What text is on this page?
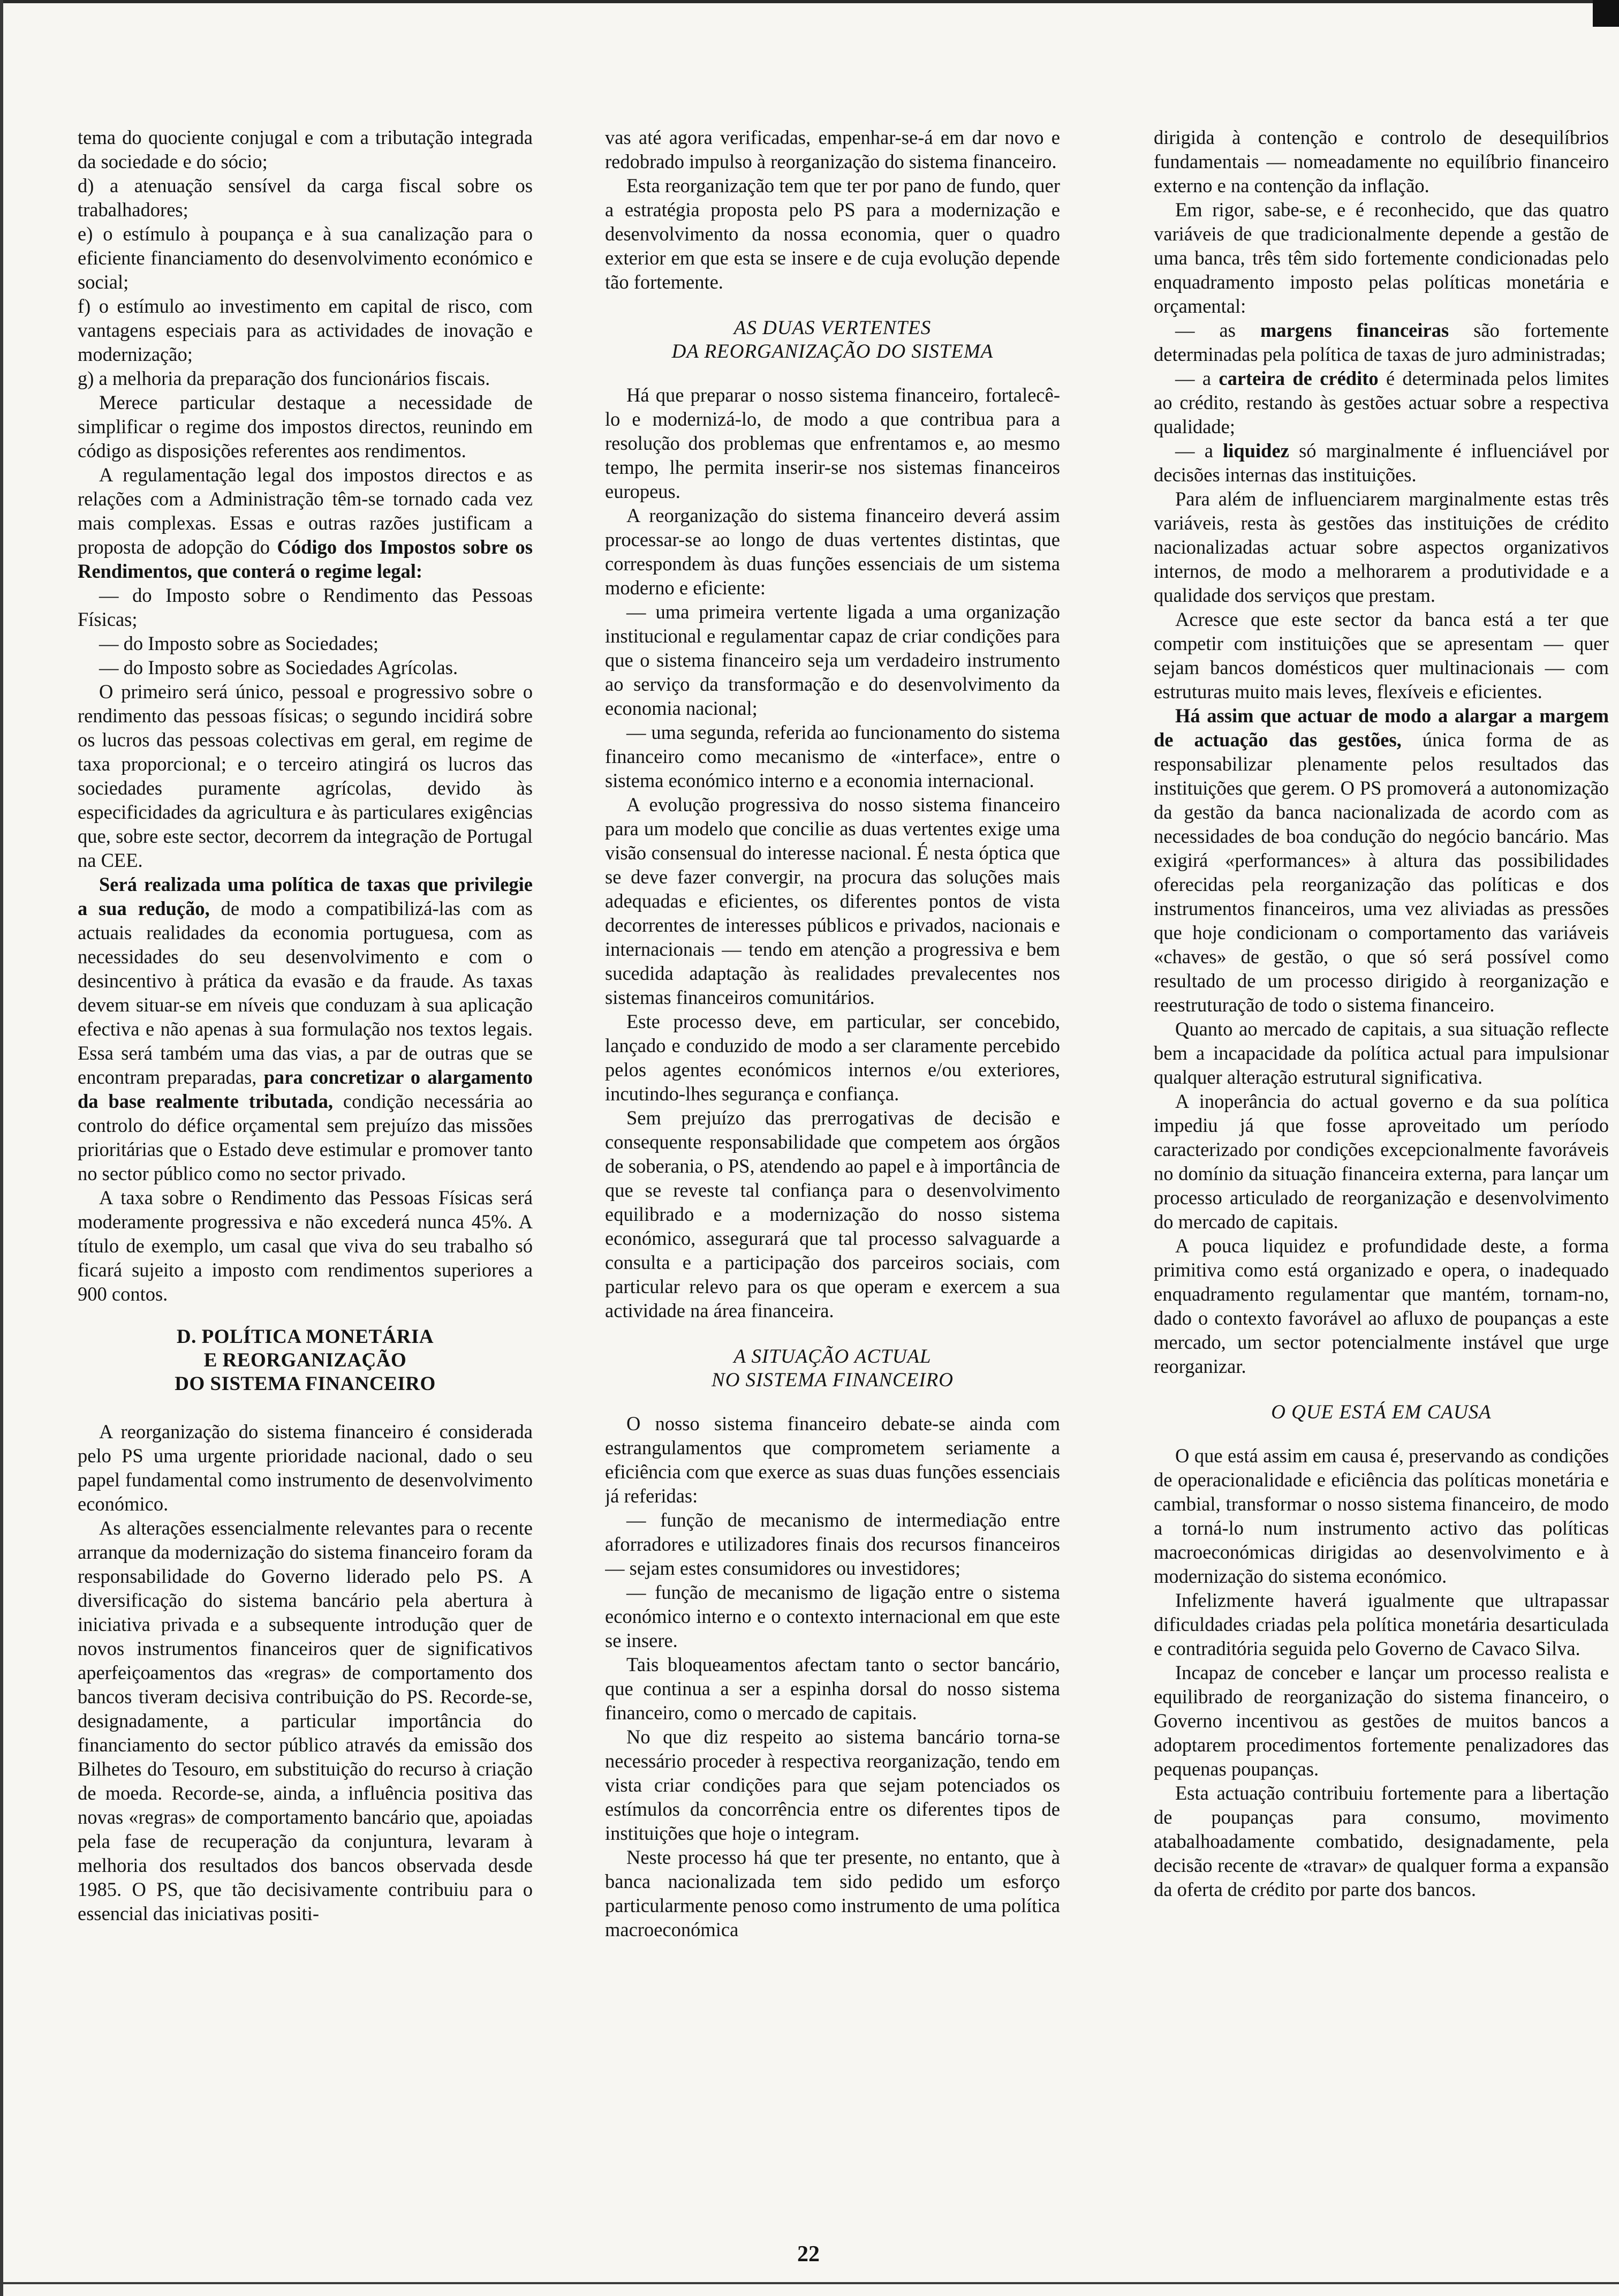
tema do quociente conjugal e com a tributação integrada da sociedade e do sócio;

d) a atenuação sensível da carga fiscal sobre os trabalhadores;

e) o estímulo à poupança e à sua canalização para o eficiente financiamento do desenvolvimento económico e social;

f) o estímulo ao investimento em capital de risco, com vantagens especiais para as actividades de inovação e modernização;

g) a melhoria da preparação dos funcionários fiscais.

Merece particular destaque a necessidade de simplificar o regime dos impostos directos, reunindo em código as disposições referentes aos rendimentos.

A regulamentação legal dos impostos directos e as relações com a Administração têm-se tornado cada vez mais complexas. Essas e outras razões justificam a proposta de adopção do Código dos Impostos sobre os Rendimentos, que conterá o regime legal:

— do Imposto sobre o Rendimento das Pessoas Físicas;

— do Imposto sobre as Sociedades;

— do Imposto sobre as Sociedades Agrícolas.

O primeiro será único, pessoal e progressivo sobre o rendimento das pessoas físicas; o segundo incidirá sobre os lucros das pessoas colectivas em geral, em regime de taxa proporcional; e o terceiro atingirá os lucros das sociedades puramente agrícolas, devido às especificidades da agricultura e às particulares exigências que, sobre este sector, decorrem da integração de Portugal na CEE.

Será realizada uma política de taxas que privilegie a sua redução, de modo a compatibilizá-las com as actuais realidades da economia portuguesa, com as necessidades do seu desenvolvimento e com o desincentivo à prática da evasão e da fraude. As taxas devem situar-se em níveis que conduzam à sua aplicação efectiva e não apenas à sua formulação nos textos legais. Essa será também uma das vias, a par de outras que se encontram preparadas, para concretizar o alargamento da base realmente tributada, condição necessária ao controlo do défice orçamental sem prejuízo das missões prioritárias que o Estado deve estimular e promover tanto no sector público como no sector privado.

A taxa sobre o Rendimento das Pessoas Físicas será moderamente progressiva e não excederá nunca 45%. A título de exemplo, um casal que viva do seu trabalho só ficará sujeito a imposto com rendimentos superiores a 900 contos.

D. POLÍTICA MONETÁRIA
E REORGANIZAÇÃO
DO SISTEMA FINANCEIRO

A reorganização do sistema financeiro é considerada pelo PS uma urgente prioridade nacional, dado o seu papel fundamental como instrumento de desenvolvimento económico.

As alterações essencialmente relevantes para o recente arranque da modernização do sistema financeiro foram da responsabilidade do Governo liderado pelo PS. A diversificação do sistema bancário pela abertura à iniciativa privada e a subsequente introdução quer de novos instrumentos financeiros quer de significativos aperfeiçoamentos das «regras» de comportamento dos bancos tiveram decisiva contribuição do PS. Recorde-se, designadamente, a particular importância do financiamento do sector público através da emissão dos Bilhetes do Tesouro, em substituição do recurso à criação de moeda. Recorde-se, ainda, a influência positiva das novas «regras» de comportamento bancário que, apoiadas pela fase de recuperação da conjuntura, levaram à melhoria dos resultados dos bancos observada desde 1985. O PS, que tão decisivamente contribuiu para o essencial das iniciativas positi-

vas até agora verificadas, empenhar-se-á em dar novo e redobrado impulso à reorganização do sistema financeiro.

Esta reorganização tem que ter por pano de fundo, quer a estratégia proposta pelo PS para a modernização e desenvolvimento da nossa economia, quer o quadro exterior em que esta se insere e de cuja evolução depende tão fortemente.

AS DUAS VERTENTES
DA REORGANIZAÇÃO DO SISTEMA

Há que preparar o nosso sistema financeiro, fortalecê-lo e modernizá-lo, de modo a que contribua para a resolução dos problemas que enfrentamos e, ao mesmo tempo, lhe permita inserir-se nos sistemas financeiros europeus.

A reorganização do sistema financeiro deverá assim processar-se ao longo de duas vertentes distintas, que correspondem às duas funções essenciais de um sistema moderno e eficiente:

— uma primeira vertente ligada a uma organização institucional e regulamentar capaz de criar condições para que o sistema financeiro seja um verdadeiro instrumento ao serviço da transformação e do desenvolvimento da economia nacional;

— uma segunda, referida ao funcionamento do sistema financeiro como mecanismo de «interface», entre o sistema económico interno e a economia internacional.

A evolução progressiva do nosso sistema financeiro para um modelo que concilie as duas vertentes exige uma visão consensual do interesse nacional. É nesta óptica que se deve fazer convergir, na procura das soluções mais adequadas e eficientes, os diferentes pontos de vista decorrentes de interesses públicos e privados, nacionais e internacionais — tendo em atenção a progressiva e bem sucedida adaptação às realidades prevalecentes nos sistemas financeiros comunitários.

Este processo deve, em particular, ser concebido, lançado e conduzido de modo a ser claramente percebido pelos agentes económicos internos e/ou exteriores, incutindo-lhes segurança e confiança.

Sem prejuízo das prerrogativas de decisão e consequente responsabilidade que competem aos órgãos de soberania, o PS, atendendo ao papel e à importância de que se reveste tal confiança para o desenvolvimento equilibrado e a modernização do nosso sistema económico, assegurará que tal processo salvaguarde a consulta e a participação dos parceiros sociais, com particular relevo para os que operam e exercem a sua actividade na área financeira.

A SITUAÇÃO ACTUAL
NO SISTEMA FINANCEIRO

O nosso sistema financeiro debate-se ainda com estrangulamentos que comprometem seriamente a eficiência com que exerce as suas duas funções essenciais já referidas:

— função de mecanismo de intermediação entre aforradores e utilizadores finais dos recursos financeiros — sejam estes consumidores ou investidores;

— função de mecanismo de ligação entre o sistema económico interno e o contexto internacional em que este se insere.

Tais bloqueamentos afectam tanto o sector bancário, que continua a ser a espinha dorsal do nosso sistema financeiro, como o mercado de capitais.

No que diz respeito ao sistema bancário torna-se necessário proceder à respectiva reorganização, tendo em vista criar condições para que sejam potenciados os estímulos da concorrência entre os diferentes tipos de instituições que hoje o integram.

Neste processo há que ter presente, no entanto, que à banca nacionalizada tem sido pedido um esforço particularmente penoso como instrumento de uma política macroeconómica

dirigida à contenção e controlo de desequilíbrios fundamentais — nomeadamente no equilíbrio financeiro externo e na contenção da inflação.

Em rigor, sabe-se, e é reconhecido, que das quatro variáveis de que tradicionalmente depende a gestão de uma banca, três têm sido fortemente condicionadas pelo enquadramento imposto pelas políticas monetária e orçamental:

— as margens financeiras são fortemente determinadas pela política de taxas de juro administradas;

— a carteira de crédito é determinada pelos limites ao crédito, restando às gestões actuar sobre a respectiva qualidade;

— a liquidez só marginalmente é influenciável por decisões internas das instituições.

Para além de influenciarem marginalmente estas três variáveis, resta às gestões das instituições de crédito nacionalizadas actuar sobre aspectos organizativos internos, de modo a melhorarem a produtividade e a qualidade dos serviços que prestam.

Acresce que este sector da banca está a ter que competir com instituições que se apresentam — quer sejam bancos domésticos quer multinacionais — com estruturas muito mais leves, flexíveis e eficientes.

Há assim que actuar de modo a alargar a margem de actuação das gestões, única forma de as responsabilizar plenamente pelos resultados das instituições que gerem. O PS promoverá a autonomização da gestão da banca nacionalizada de acordo com as necessidades de boa condução do negócio bancário. Mas exigirá «performances» à altura das possibilidades oferecidas pela reorganização das políticas e dos instrumentos financeiros, uma vez aliviadas as pressões que hoje condicionam o comportamento das variáveis «chaves» de gestão, o que só será possível como resultado de um processo dirigido à reorganização e reestruturação de todo o sistema financeiro.

Quanto ao mercado de capitais, a sua situação reflecte bem a incapacidade da política actual para impulsionar qualquer alteração estrutural significativa.

A inoperância do actual governo e da sua política impediu já que fosse aproveitado um período caracterizado por condições excepcionalmente favoráveis no domínio da situação financeira externa, para lançar um processo articulado de reorganização e desenvolvimento do mercado de capitais.

A pouca liquidez e profundidade deste, a forma primitiva como está organizado e opera, o inadequado enquadramento regulamentar que mantém, tornam-no, dado o contexto favorável ao afluxo de poupanças a este mercado, um sector potencialmente instável que urge reorganizar.

O QUE ESTÁ EM CAUSA

O que está assim em causa é, preservando as condições de operacionalidade e eficiência das políticas monetária e cambial, transformar o nosso sistema financeiro, de modo a torná-lo num instrumento activo das políticas macroeconómicas dirigidas ao desenvolvimento e à modernização do sistema económico.

Infelizmente haverá igualmente que ultrapassar dificuldades criadas pela política monetária desarticulada e contraditória seguida pelo Governo de Cavaco Silva.

Incapaz de conceber e lançar um processo realista e equilibrado de reorganização do sistema financeiro, o Governo incentivou as gestões de muitos bancos a adoptarem procedimentos fortemente penalizadores das pequenas poupanças.

Esta actuação contribuiu fortemente para a libertação de poupanças para consumo, movimento atabalhoadamente combatido, designadamente, pela decisão recente de «travar» de qualquer forma a expansão da oferta de crédito por parte dos bancos.

22
